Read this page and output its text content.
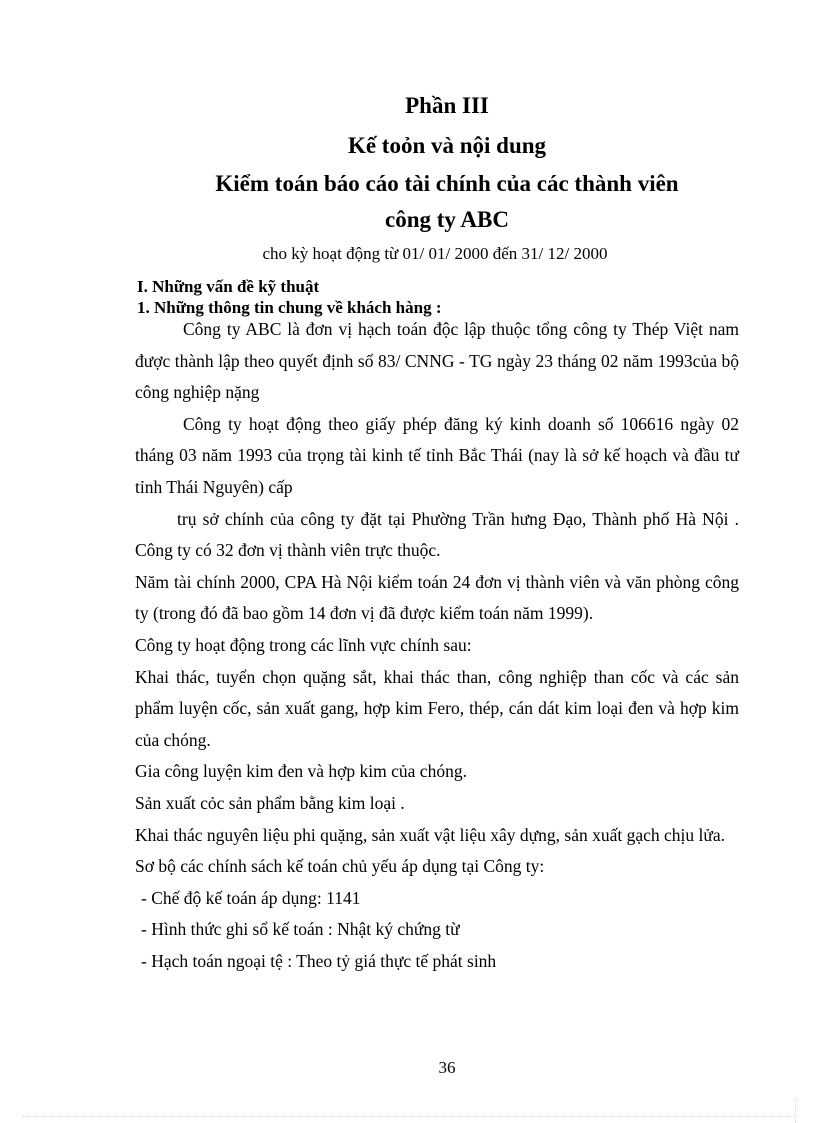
Phần III
Kế toỏn và nội dung
Kiểm toán báo cáo tài chính của các thành viên
công ty ABC
cho kỳ hoạt động từ 01/ 01/ 2000 đến 31/ 12/ 2000
I. Những vấn đề kỹ thuật
1. Những thông tin chung về khách hàng :

Công ty ABC là đơn vị hạch toán độc lập thuộc tổng công ty Thép Việt nam được thành lập theo quyết định số 83/ CNNG - TG ngày 23 tháng 02 năm 1993của bộ công nghiệp nặng

Công ty hoạt động theo giấy phép đăng ký kinh doanh số 106616 ngày 02 tháng 03 năm 1993 của trọng tài kinh tế tỉnh Bắc Thái (nay là sở kế hoạch và đầu tư tỉnh Thái Nguyên) cấp

trụ sở chính của công ty đặt tại Phường Trần hưng Đạo, Thành phố Hà Nội . Công ty có 32 đơn vị thành viên trực thuộc.

Năm tài chính 2000, CPA Hà Nội kiểm toán 24 đơn vị thành viên và văn phòng công ty (trong đó đã bao gồm 14 đơn vị đã được kiểm toán năm 1999).

Công ty hoạt động trong các lĩnh vực chính sau:

Khai thác, tuyển chọn quặng sắt, khai thác than, công nghiệp than cốc và các sản phẩm luyện cốc, sản xuất gang, hợp kim Fero, thép, cán dát kim loại đen và hợp kim của chóng.

Gia công luyện kim đen và hợp kim của chóng.

Sản xuất cỏc sản phẩm bằng kim loại .

Khai thác nguyên liệu phi quặng, sản xuất vật liệu xây dựng, sản xuất gạch chịu lửa.

Sơ bộ các chính sách kế toán chủ yếu áp dụng tại Công ty:

- Chế độ kế toán áp dụng: 1141

- Hình thức ghi sổ kế toán : Nhật ký chứng từ

- Hạch toán ngoại tệ : Theo tỷ giá thực tế phát sinh

36
